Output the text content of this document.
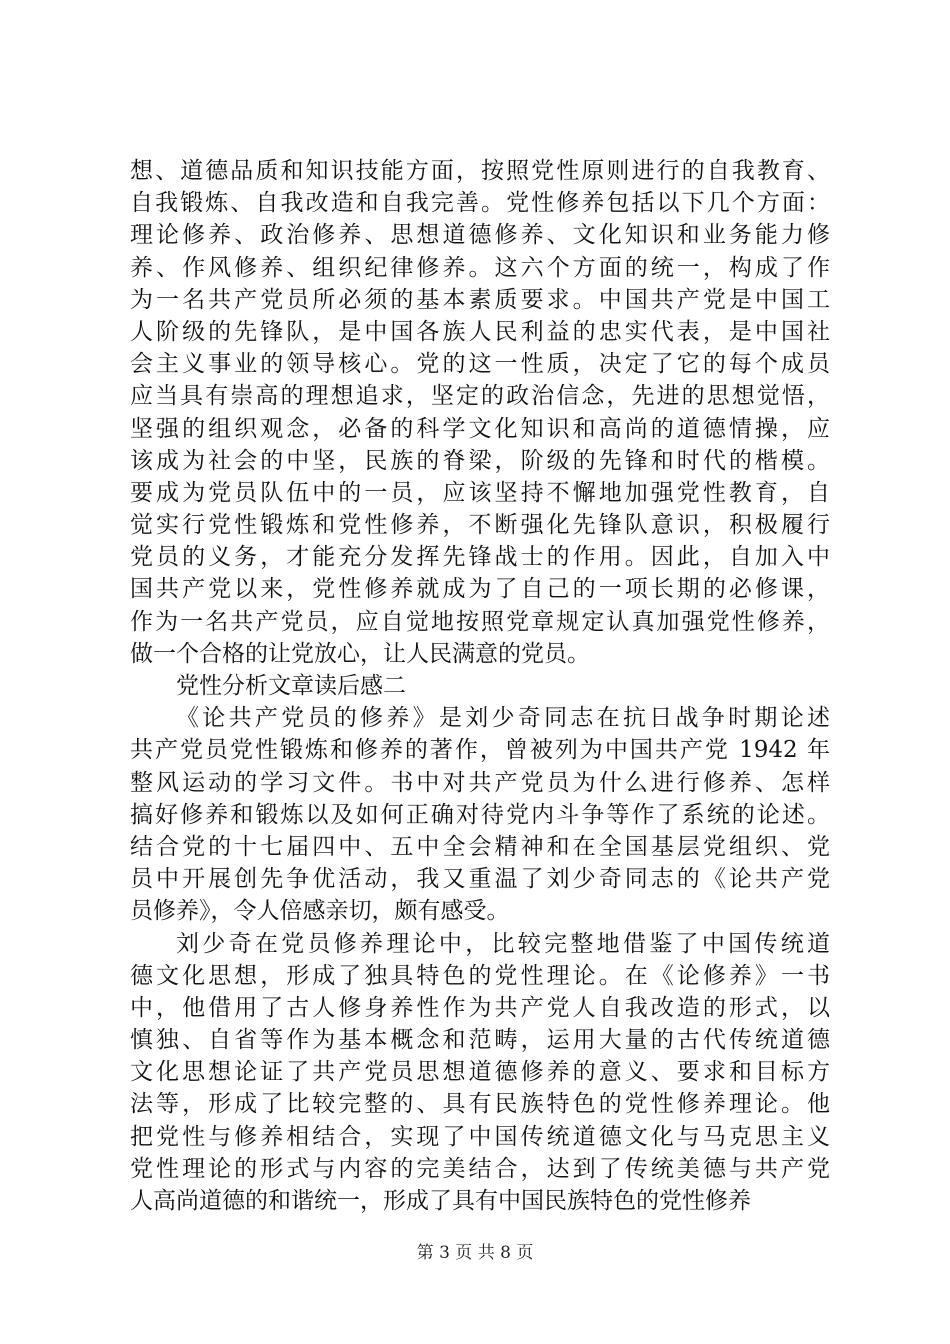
想、道德品质和知识技能方面，按照党性原则进行的自我教育、
自我锻炼、自我改造和自我完善。党性修养包括以下几个方面：
理论修养、政治修养、思想道德修养、文化知识和业务能力修
养、作风修养、组织纪律修养。这六个方面的统一，构成了作
为一名共产党员所必须的基本素质要求。中国共产党是中国工
人阶级的先锋队，是中国各族人民利益的忠实代表，是中国社
会主义事业的领导核心。党的这一性质，决定了它的每个成员
应当具有崇高的理想追求，坚定的政治信念，先进的思想觉悟，
坚强的组织观念，必备的科学文化知识和高尚的道德情操，应
该成为社会的中坚，民族的脊梁，阶级的先锋和时代的楷模。
要成为党员队伍中的一员，应该坚持不懈地加强党性教育，自
觉实行党性锻炼和党性修养，不断强化先锋队意识，积极履行
党员的义务，才能充分发挥先锋战士的作用。因此，自加入中
国共产党以来，党性修养就成为了自己的一项长期的必修课，
作为一名共产党员，应自觉地按照党章规定认真加强党性修养，
做一个合格的让党放心，让人民满意的党员。
党性分析文章读后感二
《论共产党员的修养》是刘少奇同志在抗日战争时期论述
共产党员党性锻炼和修养的著作，曾被列为中国共产党 1942 年
整风运动的学习文件。书中对共产党员为什么进行修养、怎样
搞好修养和锻炼以及如何正确对待党内斗争等作了系统的论述。
结合党的十七届四中、五中全会精神和在全国基层党组织、党
员中开展创先争优活动，我又重温了刘少奇同志的《论共产党
员修养》，令人倍感亲切，颇有感受。
刘少奇在党员修养理论中，比较完整地借鉴了中国传统道
德文化思想，形成了独具特色的党性理论。在《论修养》一书
中，他借用了古人修身养性作为共产党人自我改造的形式，以
慎独、自省等作为基本概念和范畴，运用大量的古代传统道德
文化思想论证了共产党员思想道德修养的意义、要求和目标方
法等，形成了比较完整的、具有民族特色的党性修养理论。他
把党性与修养相结合，实现了中国传统道德文化与马克思主义
党性理论的形式与内容的完美结合，达到了传统美德与共产党
人高尚道德的和谐统一，形成了具有中国民族特色的党性修养
第 3 页 共 8 页
